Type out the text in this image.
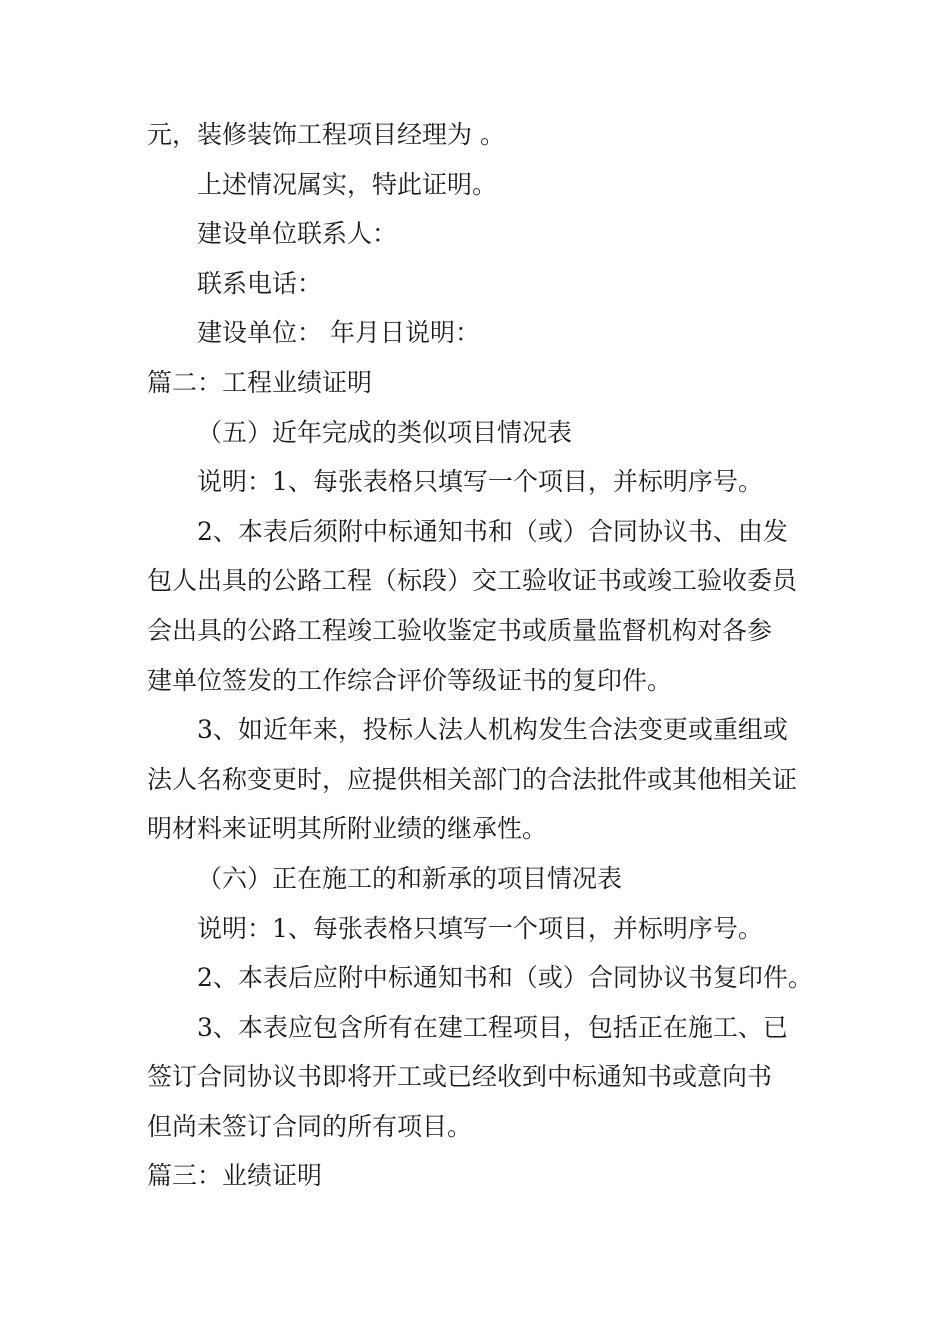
元，装修装饰工程项目经理为 。
上述情况属实，特此证明。
建设单位联系人：
联系电话：
建设单位： 年月日说明：
篇二：工程业绩证明
（五）近年完成的类似项目情况表
说明：1、每张表格只填写一个项目，并标明序号。
2、本表后须附中标通知书和（或）合同协议书、由发
包人出具的公路工程（标段）交工验收证书或竣工验收委员
会出具的公路工程竣工验收鉴定书或质量监督机构对各参
建单位签发的工作综合评价等级证书的复印件。
3、如近年来，投标人法人机构发生合法变更或重组或
法人名称变更时，应提供相关部门的合法批件或其他相关证
明材料来证明其所附业绩的继承性。
（六）正在施工的和新承的项目情况表
说明：1、每张表格只填写一个项目，并标明序号。
2、本表后应附中标通知书和（或）合同协议书复印件。
3、本表应包含所有在建工程项目，包括正在施工、已
签订合同协议书即将开工或已经收到中标通知书或意向书
但尚未签订合同的所有项目。
篇三：业绩证明
